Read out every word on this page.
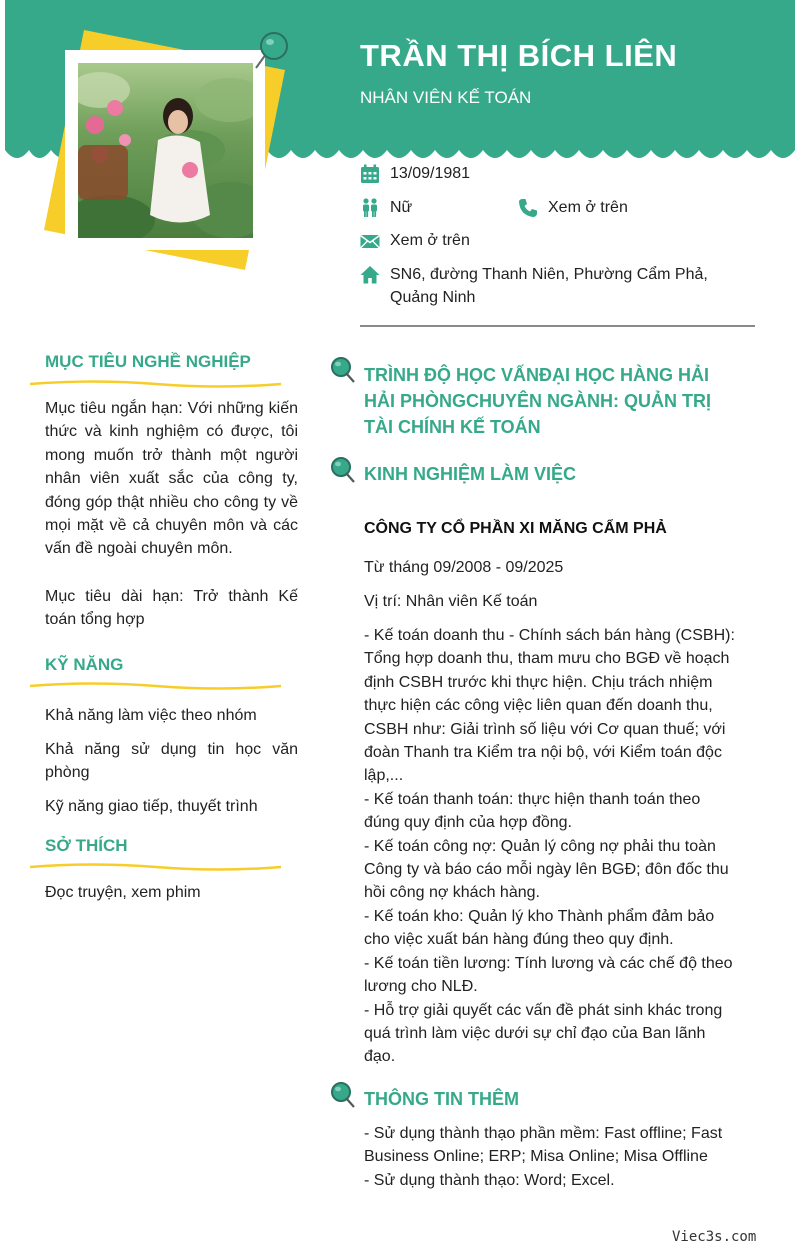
TRẦN THỊ BÍCH LIÊN
NHÂN VIÊN KẾ TOÁN
13/09/1981
Nữ	Xem ở trên
Xem ở trên
SN6, đường Thanh Niên, Phường Cẩm Phả, Quảng Ninh
MỤC TIÊU NGHỀ NGHIỆP
Mục tiêu ngắn hạn: Với những kiến thức và kinh nghiệm có được, tôi mong muốn trở thành một người nhân viên xuất sắc của công ty, đóng góp thật nhiều cho công ty về mọi mặt về cả chuyên môn và các vấn đề ngoài chuyên môn.
Mục tiêu dài hạn: Trở thành Kế toán tổng hợp
KỸ NĂNG
Khả năng làm việc theo nhóm
Khả năng sử dụng tin học văn phòng
Kỹ năng giao tiếp, thuyết trình
SỞ THÍCH
Đọc truyện, xem phim
TRÌNH ĐỘ HỌC VẤNĐẠI HỌC HÀNG HẢI HẢI PHÒNGCHUYÊN NGÀNH: QUẢN TRỊ TÀI CHÍNH KẾ TOÁN
KINH NGHIỆM LÀM VIỆC
CÔNG TY CỔ PHẦN XI MĂNG CẨM PHẢ
Từ tháng 09/2008 - 09/2025
Vị trí: Nhân viên Kế toán
- Kế toán doanh thu - Chính sách bán hàng (CSBH): Tổng hợp doanh thu, tham mưu cho BGĐ về hoạch định CSBH trước khi thực hiện. Chịu trách nhiệm thực hiện các công việc liên quan đến doanh thu, CSBH như: Giải trình số liệu với Cơ quan thuế; với đoàn Thanh tra Kiểm tra nội bộ, với Kiểm toán độc lập,...
- Kế toán thanh toán: thực hiện thanh toán theo đúng quy định của hợp đồng.
- Kế toán công nợ: Quản lý công nợ phải thu toàn Công ty và báo cáo mỗi ngày lên BGĐ; đôn đốc thu hồi công nợ khách hàng.
- Kế toán kho: Quản lý kho Thành phẩm đảm bảo cho việc xuất bán hàng đúng theo quy định.
- Kế toán tiền lương: Tính lương và các chế độ theo lương cho NLĐ.
- Hỗ trợ giải quyết các vấn đề phát sinh khác trong quá trình làm việc dưới sự chỉ đạo của Ban lãnh đạo.
THÔNG TIN THÊM
- Sử dụng thành thạo phần mềm: Fast offline; Fast Business Online; ERP; Misa Online; Misa Offline
- Sử dụng thành thạo: Word; Excel.
Viec3s.com
